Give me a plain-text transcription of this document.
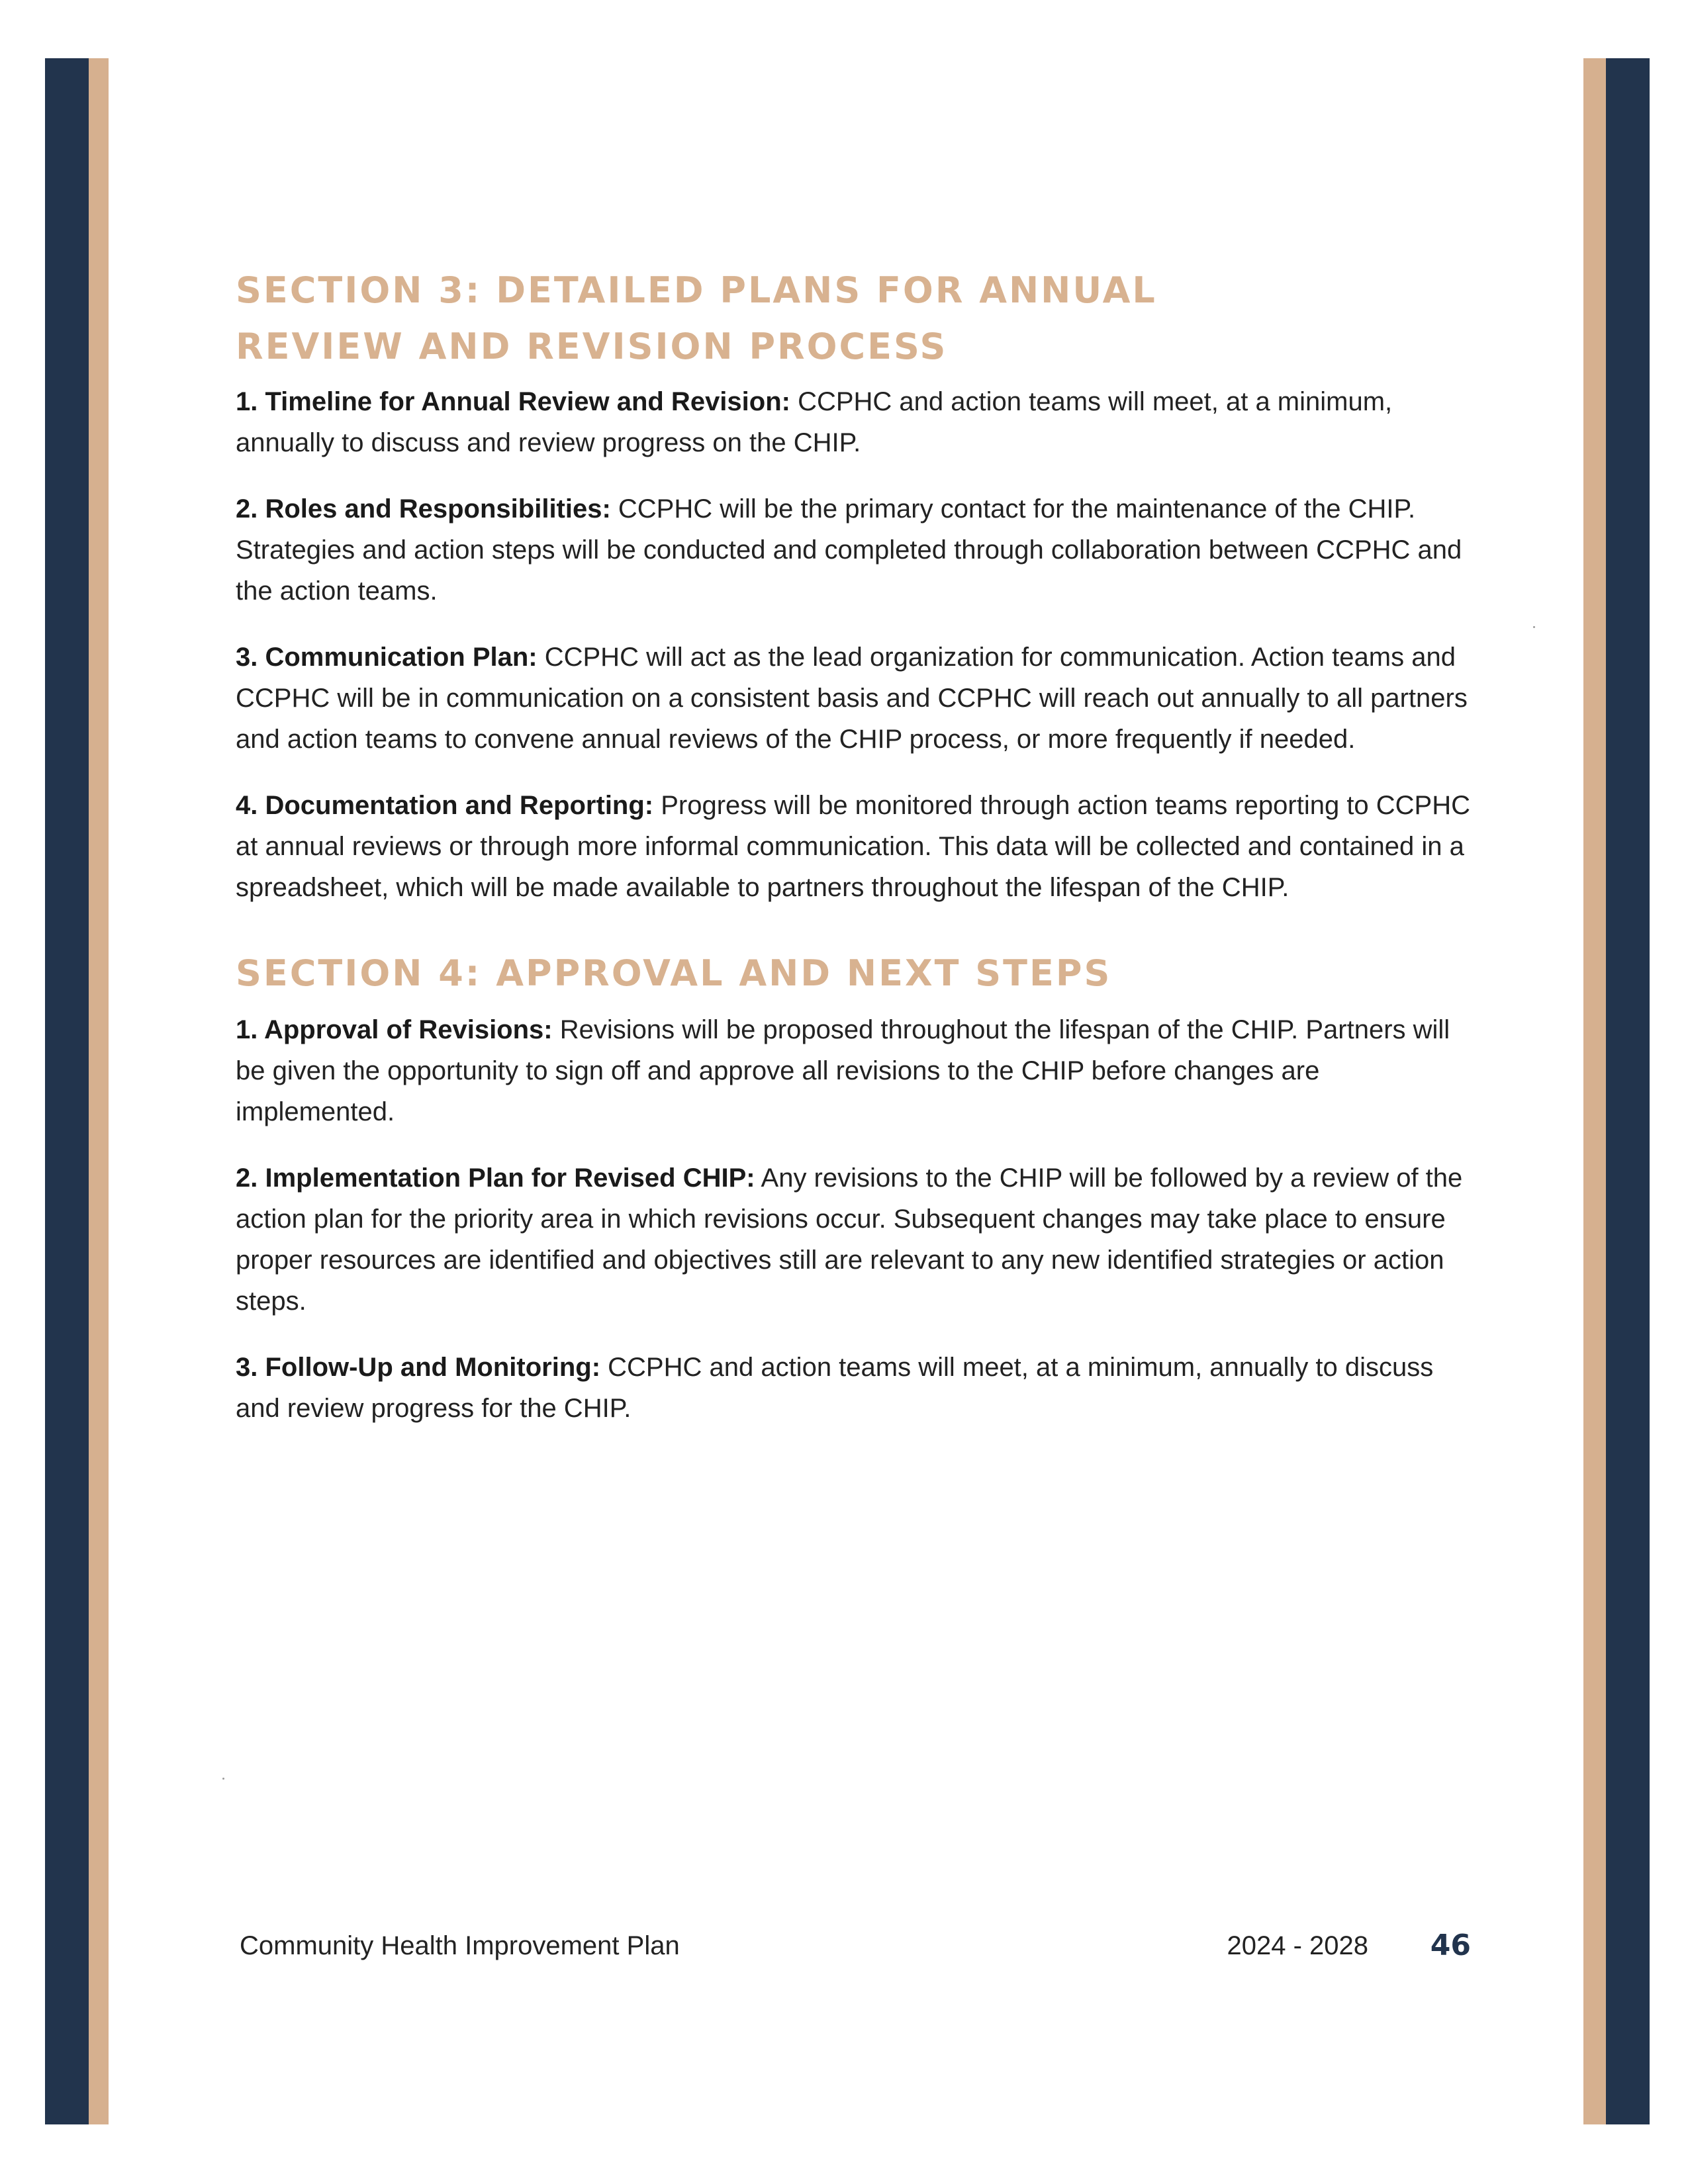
SECTION 3: DETAILED PLANS FOR ANNUAL
REVIEW AND REVISION PROCESS

1. Timeline for Annual Review and Revision: CCPHC and action teams will meet, at a minimum, annually to discuss and review progress on the CHIP.

2. Roles and Responsibilities: CCPHC will be the primary contact for the maintenance of the CHIP. Strategies and action steps will be conducted and completed through collaboration between CCPHC and the action teams.

3. Communication Plan: CCPHC will act as the lead organization for communication. Action teams and CCPHC will be in communication on a consistent basis and CCPHC will reach out annually to all partners and action teams to convene annual reviews of the CHIP process, or more frequently if needed.

4. Documentation and Reporting: Progress will be monitored through action teams reporting to CCPHC at annual reviews or through more informal communication. This data will be collected and contained in a spreadsheet, which will be made available to partners throughout the lifespan of the CHIP.

SECTION 4: APPROVAL AND NEXT STEPS

1. Approval of Revisions: Revisions will be proposed throughout the lifespan of the CHIP. Partners will be given the opportunity to sign off and approve all revisions to the CHIP before changes are implemented.

2. Implementation Plan for Revised CHIP: Any revisions to the CHIP will be followed by a review of the action plan for the priority area in which revisions occur. Subsequent changes may take place to ensure proper resources are identified and objectives still are relevant to any new identified strategies or action steps.

3. Follow-Up and Monitoring: CCPHC and action teams will meet, at a minimum, annually to discuss and review progress for the CHIP.

Community Health Improvement Plan	2024 - 2028 46
